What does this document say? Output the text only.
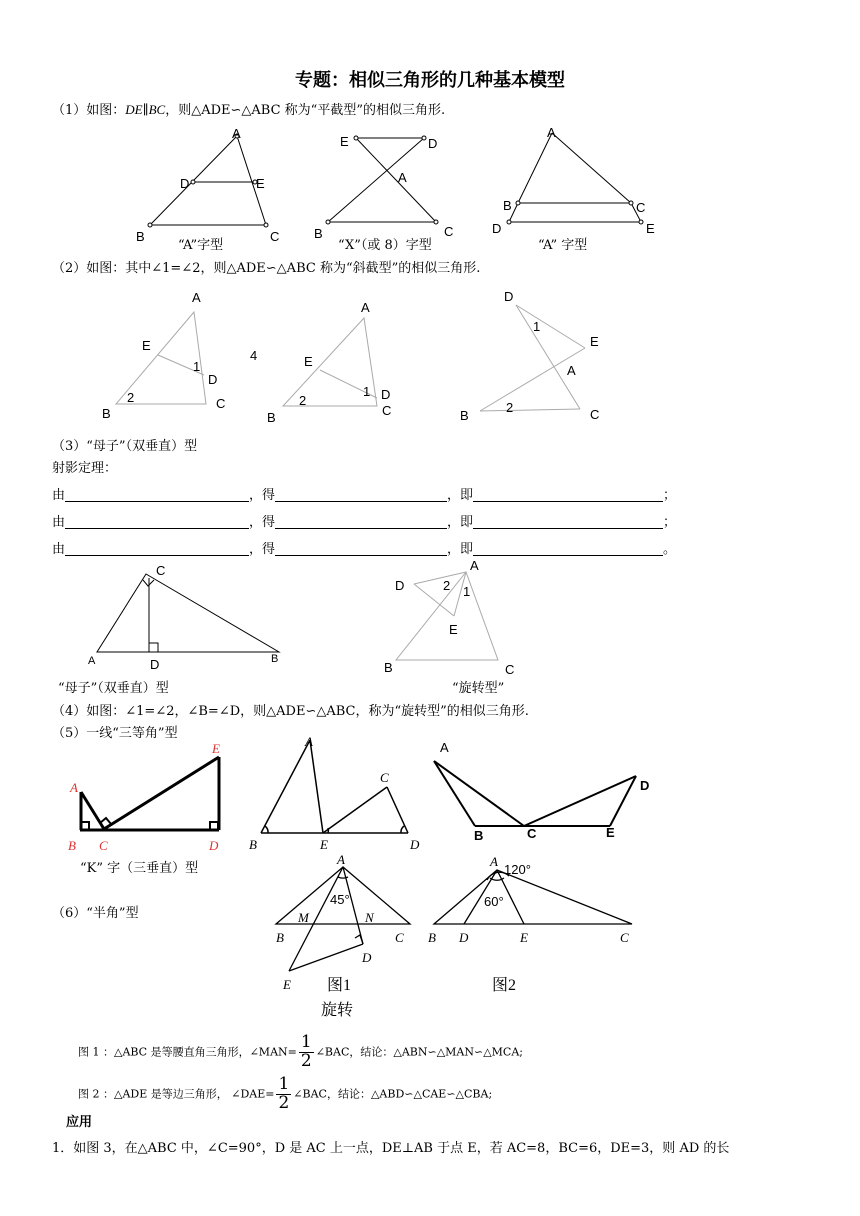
专题：相似三角形的几种基本模型
（1）如图：DE∥BC，则△ADE∽△ABC 称为“平截型”的相似三角形.
“A”字型	“X”（或 8）字型	“A” 字型
（2）如图：其中∠1=∠2，则△ADE∽△ABC 称为“斜截型”的相似三角形.
（3）“母子”（双垂直）型
射影定理：
由	，得	，即	；
由	，得	，即	；
由	，得	，即	。
“母子”（双垂直）型	“旋转型”
（4）如图：∠1=∠2，∠B=∠D，则△ADE∽△ABC，称为“旋转型”的相似三角形.
（5）一线“三等角”型
“K” 字（三垂直）型
（6）“半角”型
图 1 ：△ABC 是等腰直角三角形，∠MAN= $\frac{1}{2}$ ∠BAC，结论：△ABN∽△MAN∽△MCA;
图 2 ：△ADE 是等边三角形， ∠DAE= $\frac{1}{2}$ ∠BAC，结论：△ABD∽△CAE∽△CBA;
应用
1．如图 3，在△ABC 中，∠C=90°，D 是 AC 上一点，DE⊥AB 于点 E，若 AC=8，BC=6，DE=3，则 AD 的长
A
D	E
B	C
E	D
A
B	C
A
B	C
D	E
A
E
1
D
2
B
C
4
A
E
1 D
2
B	C
D
1
E
A
2
B	C
C
D
A	B
A
D	2 1
E
B	C
A
E
B C	D
A
C
B	E	D
A
D
B	C	E
A
45°
M	N
B	C
D
E 图1
旋转
A
120°
60°
B D	E	C
图2
